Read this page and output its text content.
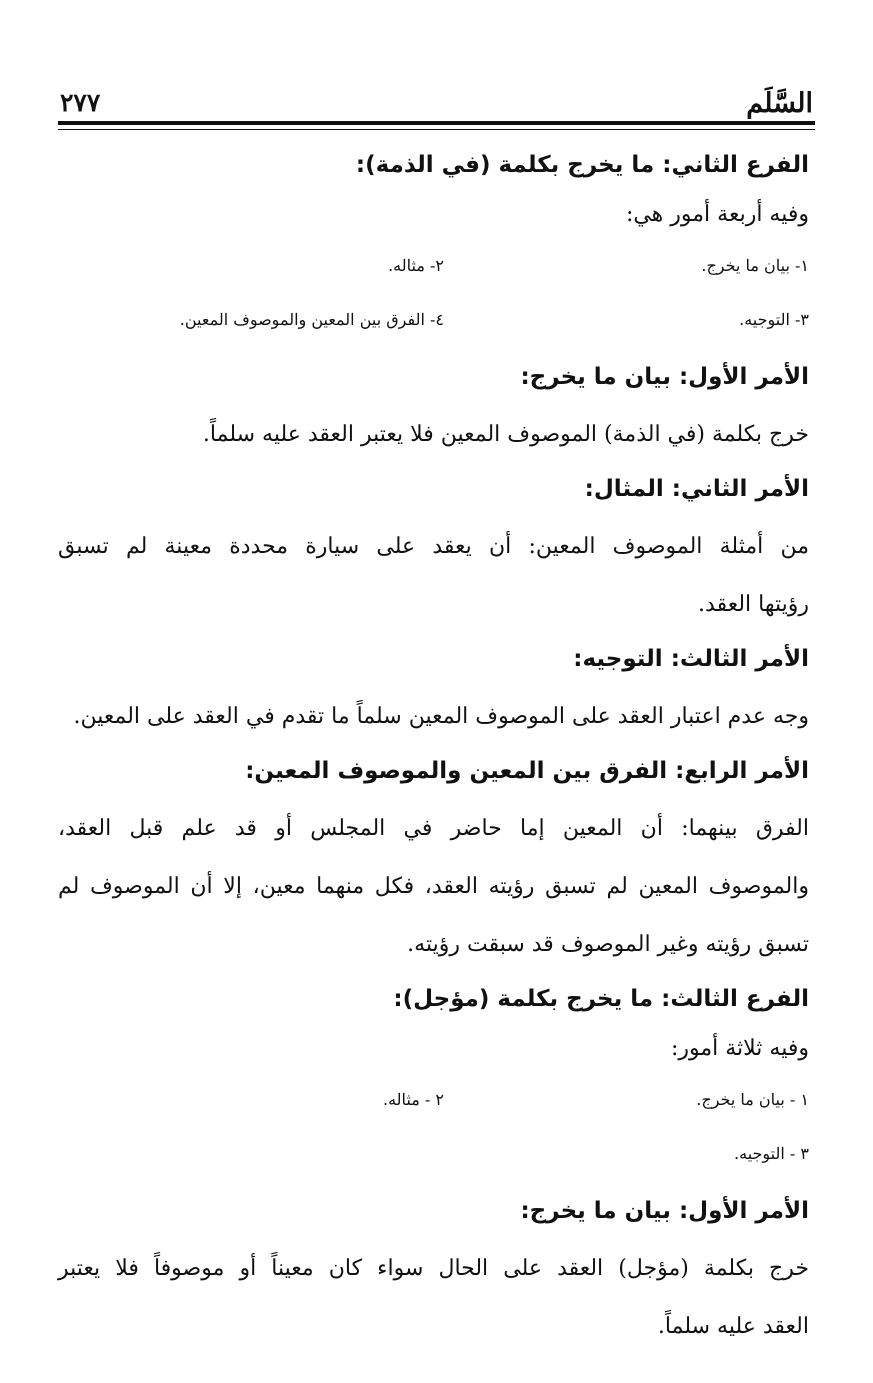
السَّلَم
٢٧٧

الفرع الثاني: ما يخرج بكلمة (في الذمة):

وفيه أربعة أمور هي:

١- بيان ما يخرج.
٢- مثاله.
٣- التوجيه.
٤- الفرق بين المعين والموصوف المعين.

الأمر الأول: بيان ما يخرج:

خرج بكلمة (في الذمة) الموصوف المعين فلا يعتبر العقد عليه سلماً.

الأمر الثاني: المثال:

من أمثلة الموصوف المعين: أن يعقد على سيارة محددة معينة لم تسبق

رؤيتها العقد.

الأمر الثالث: التوجيه:

وجه عدم اعتبار العقد على الموصوف المعين سلماً ما تقدم في العقد على المعين.

الأمر الرابع: الفرق بين المعين والموصوف المعين:

الفرق بينهما: أن المعين إما حاضر في المجلس أو قد علم قبل العقد،

والموصوف المعين لم تسبق رؤيته العقد، فكل منهما معين، إلا أن الموصوف لم

تسبق رؤيته وغير الموصوف قد سبقت رؤيته.

الفرع الثالث: ما يخرج بكلمة (مؤجل):

وفيه ثلاثة أمور:

١ - بيان ما يخرج.
٢ - مثاله.
٣ - التوجيه.

الأمر الأول: بيان ما يخرج:

خرج بكلمة (مؤجل) العقد على الحال سواء كان معيناً أو موصوفاً فلا يعتبر

العقد عليه سلماً.
